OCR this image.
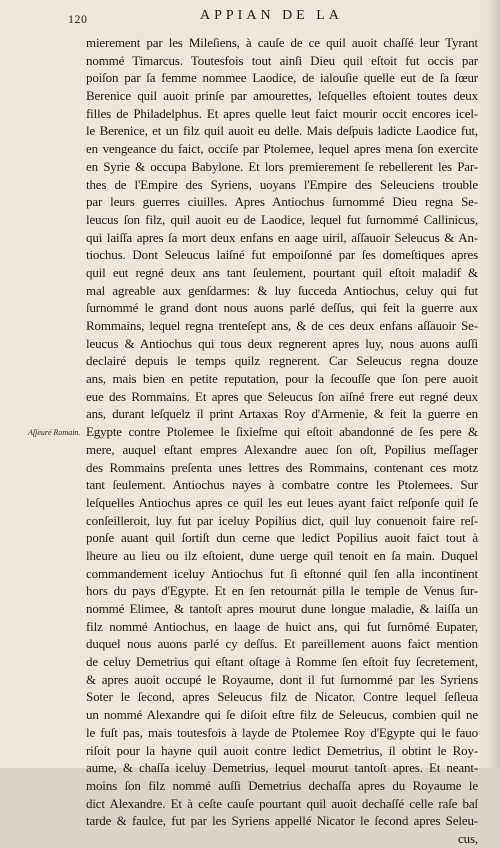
120	APPIAN DE LA
Aſſeuré Romain.
mierement par les Mileſiens, à cauſe de ce quil auoit chaſſé leur Tyrant
nommé Timarcus. Toutesfois tout ainſi Dieu quil eſtoit fut occis par
poiſon par ſa femme nommee Laodice, de ialouſie quelle eut de ſa ſœur
Berenice quil auoit prinſe par amourettes, leſquelles eſtoient toutes deux
filles de Philadelphus. Et apres quelle leut faict mourir occit encores icel-
le Berenice, et un filz quil auoit eu delle. Mais deſpuis ladicte Laodice fut,
en vengeance du faict, occiſe par Ptolemee, lequel apres mena ſon exercite
en Syrie & occupa Babylone. Et lors premierement ſe rebellerent les Par-
thes de l'Empire des Syriens, uoyans l'Empire des Seleuciens trouble
par leurs guerres ciuilles. Apres Antiochus ſurnommé Dieu regna Se-
leucus ſon filz, quil auoit eu de Laodice, lequel fut ſurnommé Callinicus,
qui laiſſa apres ſa mort deux enfans en aage uiril, aſſauoir Seleucus & An-
tiochus. Dont Seleucus laiſné fut empoiſonné par ſes domeſtiques apres
quil eut regné deux ans tant ſeulement, pourtant quil eſtoit maladif &
mal agreable aux genſdarmes: & luy ſucceda Antiochus, celuy qui fut
ſurnommé le grand dont nous auons parlé deſſus, qui feit la guerre aux
Rommains, lequel regna trenteſept ans, & de ces deux enfans aſſauoir Se-
leucus & Antiochus qui tous deux regnerent apres luy, nous auons auſſi
declairé depuis le temps quilz regnerent. Car Seleucus regna douze
ans, mais bien en petite reputation, pour la ſecouſſe que ſon pere auoit
eue des Rommains. Et apres que Seleucus ſon aiſné frere eut regné deux
ans, durant leſquelz il print Artaxas Roy d'Armenie, & feit la guerre en
Egypte contre Ptolemee le ſixieſme qui eſtoit abandonné de ſes pere &
mere, auquel eſtant empres Alexandre auec ſon oſt, Popilius meſſager
des Rommains preſenta unes lettres des Rommains, contenant ces motz
tant ſeulement. Antiochus nayes à combatre contre les Ptolemees. Sur
leſquelles Antiochus apres ce quil les eut leues ayant faict reſponſe quil ſe
conſeilleroit, luy fut par iceluy Popilius dict, quil luy conuenoit faire reſ-
ponſe auant quil ſortiſt dun cerne que ledict Popilius auoit faict tout à
lheure au lieu ou ilz eſtoient, dune uerge quil tenoit en ſa main. Duquel
commandement iceluy Antiochus fut ſi eſtonné quil ſen alla incontinent
hors du pays d'Egypte. Et en ſen retournát pilla le temple de Venus ſur-
nommé Elimee, & tantoſt apres mourut dune longue maladie, & laiſſa un
filz nommé Antiochus, en laage de huict ans, qui fut ſurnômé Eupater,
duquel nous auons parlé cy deſſus. Et pareillement auons faict mention
de celuy Demetrius qui eſtant oſtage à Romme ſen eſtoit fuy ſecretement,
& apres auoit occupé le Royaume, dont il fut ſurnommé par les Syriens
Soter le ſecond, apres Seleucus filz de Nicator. Contre lequel ſeſleua
un nommé Alexandre qui ſe diſoit eſtre filz de Seleucus, combien quil ne
le fuſt pas, mais toutesfois à layde de Ptolemee Roy d'Egypte qui le fauo
riſoit pour la hayne quil auoit contre ledict Demetrius, il obtint le Roy-
aume, & chaſſa iceluy Demetrius, lequel mourut tantoſt apres. Et neant-
moins ſon filz nommé auſſi Demetrius dechaſſa apres du Royaume le
dict Alexandre. Et à ceſte cauſe pourtant quil auoit dechaſſé celle raſe baſ
tarde & faulce, fut par les Syriens appellé Nicator le ſecond apres Seleu-
cus,
